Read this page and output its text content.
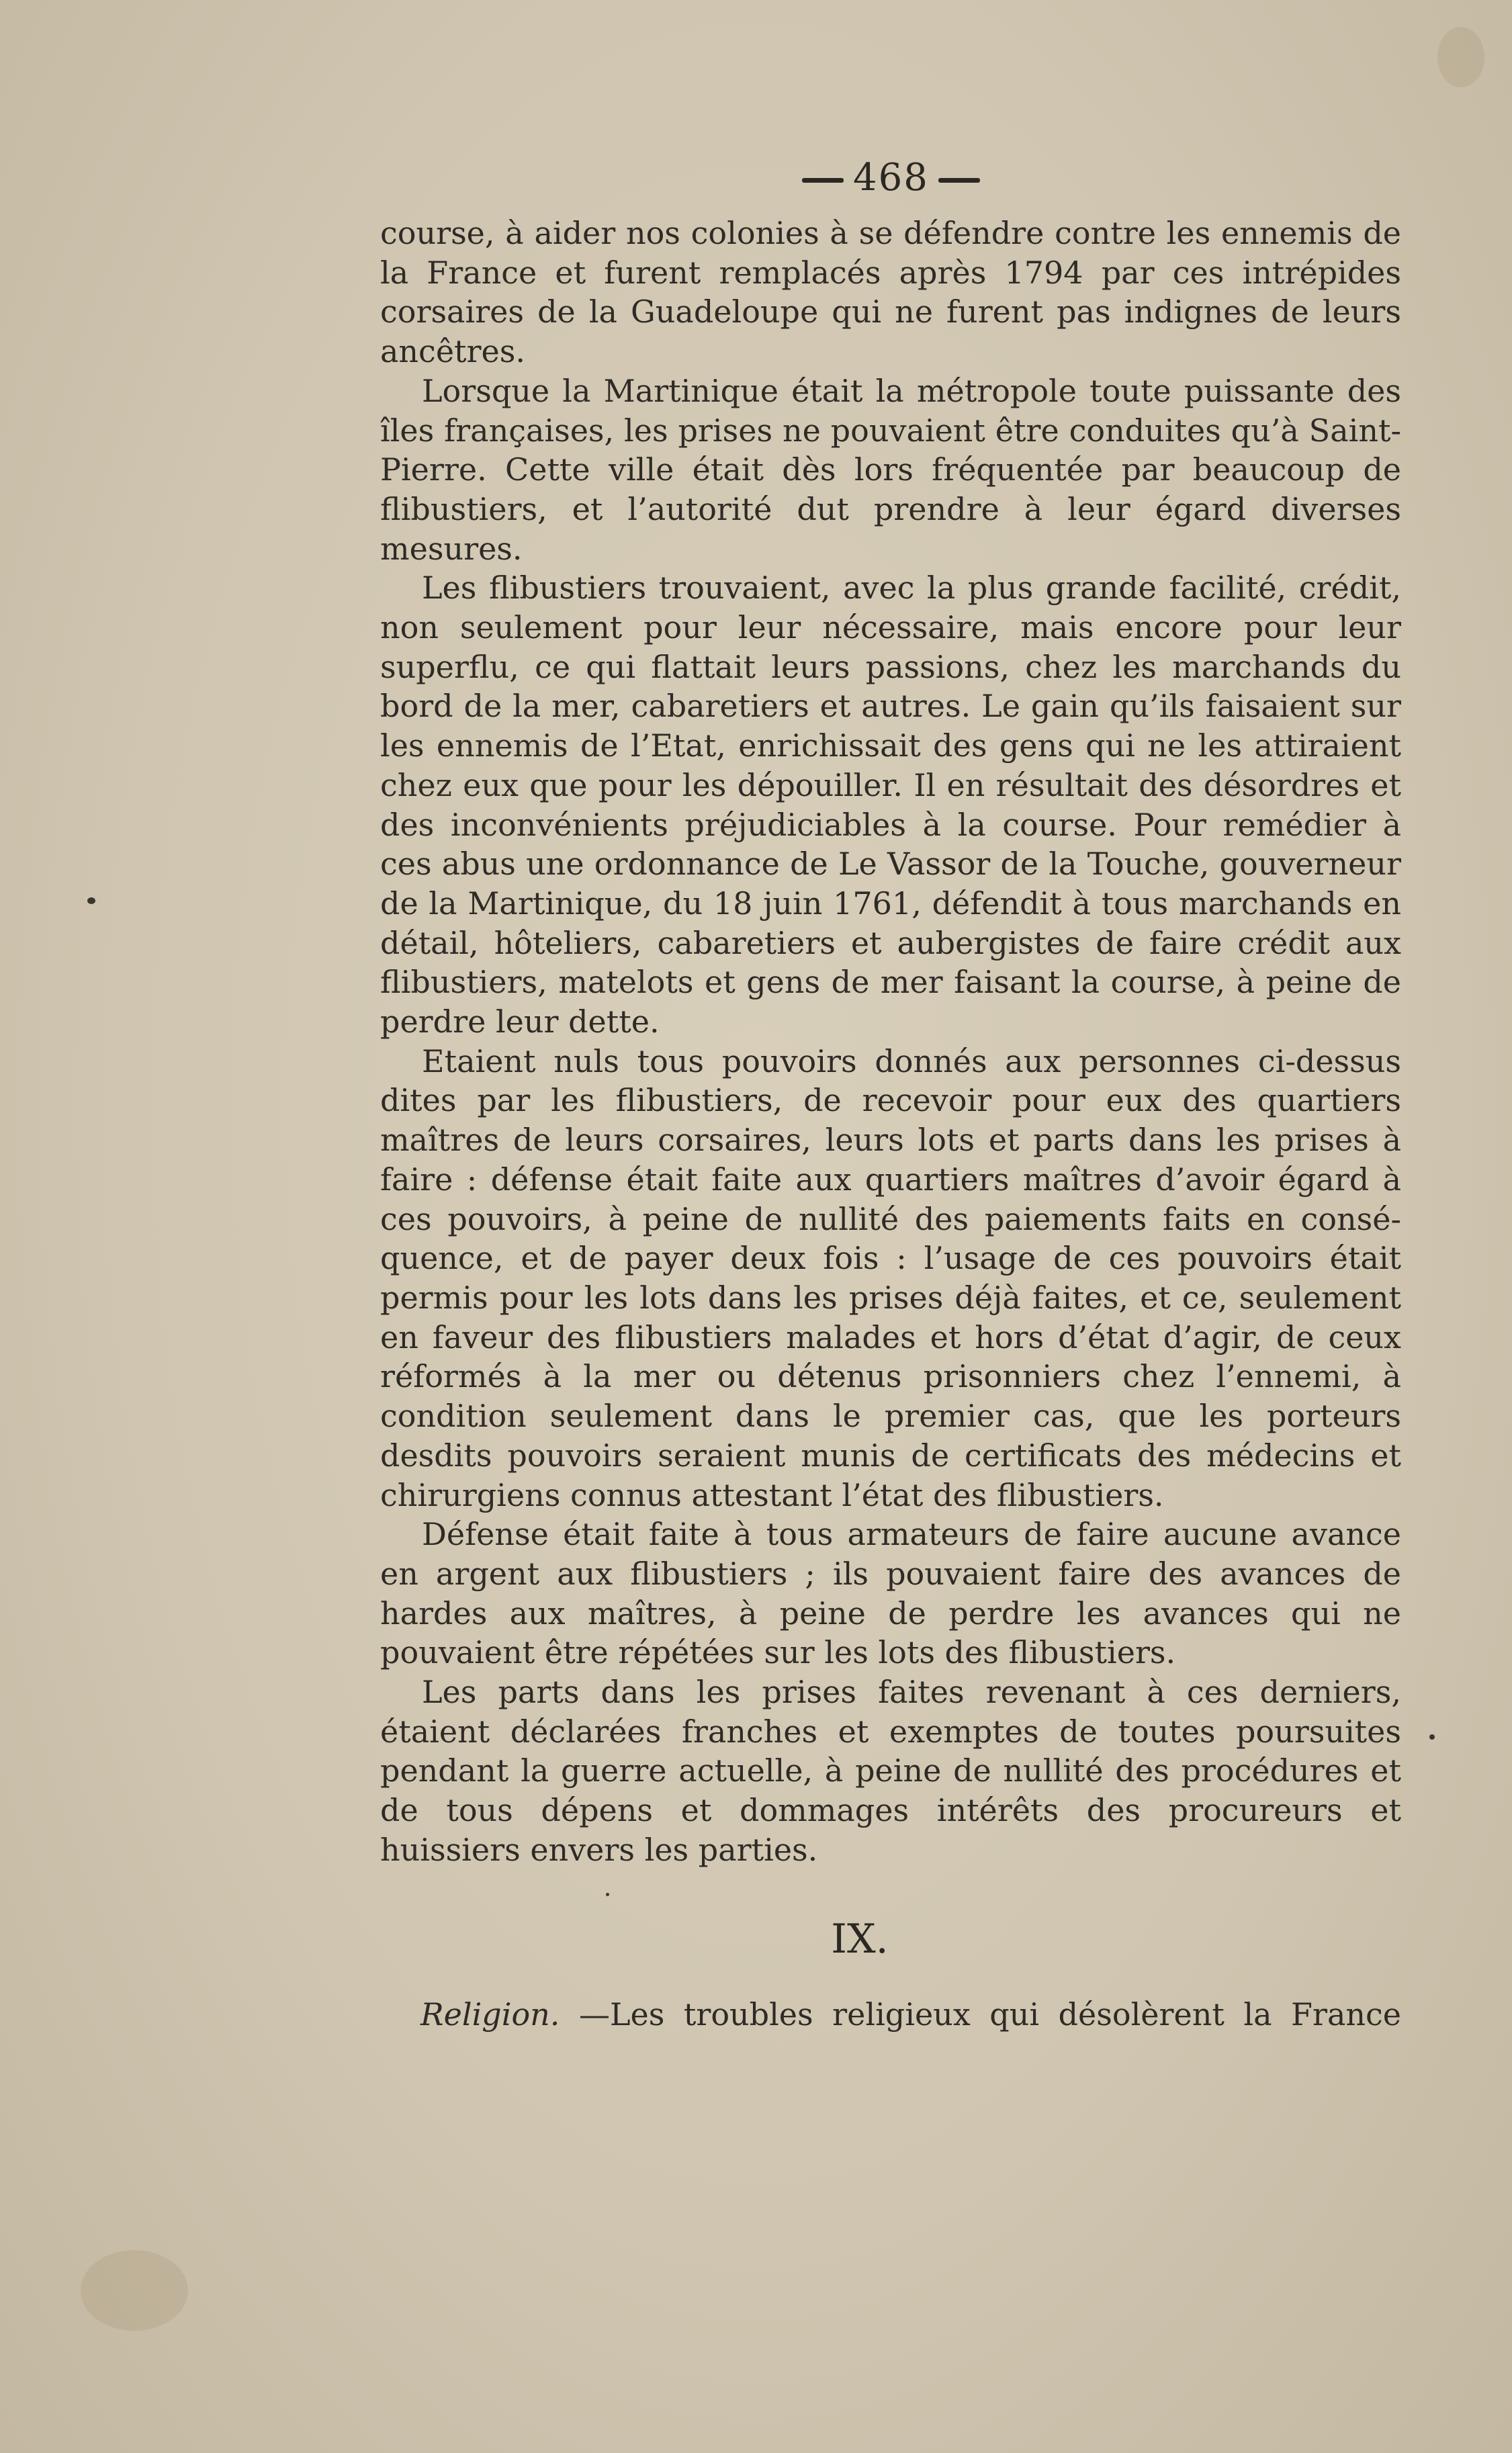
468

course, à aider nos colonies à se défendre contre les ennemis de la France et furent remplacés après 1794 par ces intrépides corsaires de la Guadeloupe qui ne furent pas indignes de leurs ancêtres.

Lorsque la Martinique était la métropole toute puissante des îles françaises, les prises ne pouvaient être conduites qu’à Saint-Pierre. Cette ville était dès lors fréquentée par beaucoup de flibustiers, et l’autorité dut prendre à leur égard diverses mesures.

Les flibustiers trouvaient, avec la plus grande facilité, crédit, non seulement pour leur nécessaire, mais encore pour leur superflu, ce qui flattait leurs passions, chez les marchands du bord de la mer, cabaretiers et autres. Le gain qu’ils faisaient sur les ennemis de l’Etat, enrichissait des gens qui ne les attiraient chez eux que pour les dépouiller. Il en résultait des désordres et des inconvénients préjudiciables à la course. Pour remédier à ces abus une ordonnance de Le Vassor de la Touche, gouverneur de la Martinique, du 18 juin 1761, défendit à tous marchands en détail, hôteliers, cabaretiers et aubergistes de faire crédit aux flibustiers, matelots et gens de mer faisant la course, à peine de perdre leur dette.

Etaient nuls tous pouvoirs donnés aux personnes ci-dessus dites par les flibustiers, de recevoir pour eux des quartiers maîtres de leurs corsaires, leurs lots et parts dans les prises à faire : défense était faite aux quartiers maîtres d’avoir égard à ces pouvoirs, à peine de nullité des paiements faits en conséquence, et de payer deux fois : l’usage de ces pouvoirs était permis pour les lots dans les prises déjà faites, et ce, seulement en faveur des flibustiers malades et hors d’état d’agir, de ceux réformés à la mer ou détenus prisonniers chez l’ennemi, à condition seulement dans le premier cas, que les porteurs desdits pouvoirs seraient munis de certificats des médecins et chirurgiens connus attestant l’état des flibustiers.

Défense était faite à tous armateurs de faire aucune avance en argent aux flibustiers ; ils pouvaient faire des avances de hardes aux maîtres, à peine de perdre les avances qui ne pouvaient être répétées sur les lots des flibustiers.

Les parts dans les prises faites revenant à ces derniers, étaient déclarées franches et exemptes de toutes poursuites pendant la guerre actuelle, à peine de nullité des procédures et de tous dépens et dommages intérêts des procureurs et huissiers envers les parties.

IX.
Religion. —Les troubles religieux qui désolèrent la France
